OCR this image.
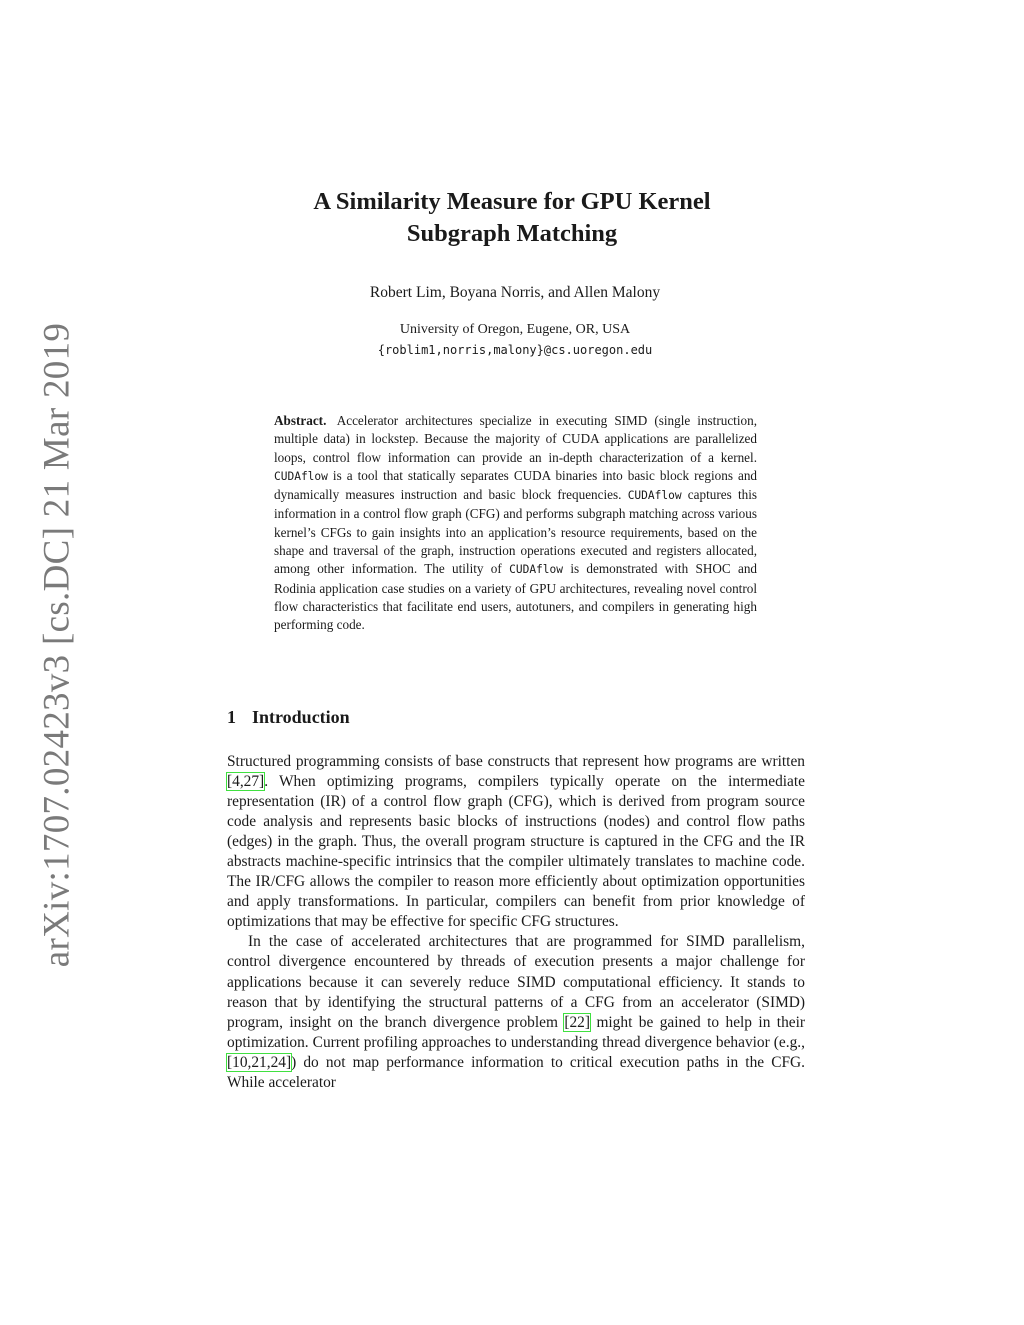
arXiv:1707.02423v3 [cs.DC] 21 Mar 2019
A Similarity Measure for GPU Kernel
Subgraph Matching
Robert Lim, Boyana Norris, and Allen Malony
University of Oregon, Eugene, OR, USA
{roblim1,norris,malony}@cs.uoregon.edu

Abstract. Accelerator architectures specialize in executing SIMD (single instruction, multiple data) in lockstep. Because the majority of CUDA applications are parallelized loops, control flow information can provide an in-depth characterization of a kernel. CUDAflow is a tool that statically separates CUDA binaries into basic block regions and dynamically measures instruction and basic block frequencies. CUDAflow captures this information in a control flow graph (CFG) and performs subgraph matching across various kernel’s CFGs to gain insights into an application’s resource requirements, based on the shape and traversal of the graph, instruction operations executed and registers allocated, among other information. The utility of CUDAflow is demonstrated with SHOC and Rodinia application case studies on a variety of GPU architectures, revealing novel control flow characteristics that facilitate end users, autotuners, and compilers in generating high performing code.

1 Introduction

Structured programming consists of base constructs that represent how programs are written [4,27]. When optimizing programs, compilers typically operate on the intermediate representation (IR) of a control flow graph (CFG), which is derived from program source code analysis and represents basic blocks of instructions (nodes) and control flow paths (edges) in the graph. Thus, the overall program structure is captured in the CFG and the IR abstracts machine-specific intrinsics that the compiler ultimately translates to machine code. The IR/CFG allows the compiler to reason more efficiently about optimization opportunities and apply transformations. In particular, compilers can benefit from prior knowledge of optimizations that may be effective for specific CFG structures.

In the case of accelerated architectures that are programmed for SIMD parallelism, control divergence encountered by threads of execution presents a major challenge for applications because it can severely reduce SIMD computational efficiency. It stands to reason that by identifying the structural patterns of a CFG from an accelerator (SIMD) program, insight on the branch divergence problem [22] might be gained to help in their optimization. Current profiling approaches to understanding thread divergence behavior (e.g., [10,21,24]) do not map performance information to critical execution paths in the CFG. While accelerator
